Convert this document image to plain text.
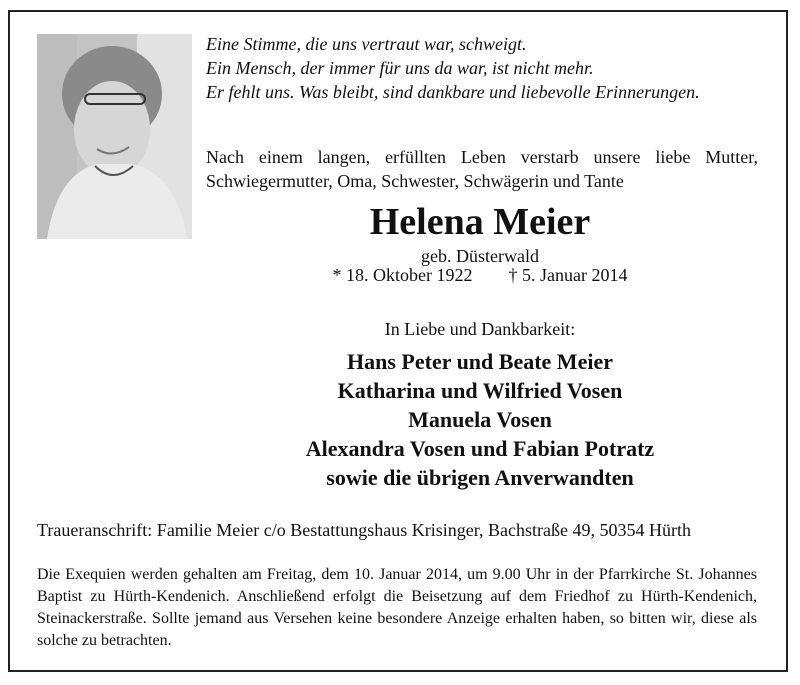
Eine Stimme, die uns vertraut war, schweigt.
Ein Mensch, der immer für uns da war, ist nicht mehr.
Er fehlt uns. Was bleibt, sind dankbare und liebevolle Erinnerungen.
Nach einem langen, erfüllten Leben verstarb unsere liebe Mutter,
Schwiegermutter, Oma, Schwester, Schwägerin und Tante
Helena Meier
geb. Düsterwald
* 18. Oktober 1922 † 5. Januar 2014
In Liebe und Dankbarkeit:
Hans Peter und Beate Meier
Katharina und Wilfried Vosen
Manuela Vosen
Alexandra Vosen und Fabian Potratz
sowie die übrigen Anverwandten
Traueranschrift: Familie Meier c/o Bestattungshaus Krisinger, Bachstraße 49, 50354 Hürth
Die Exequien werden gehalten am Freitag, dem 10. Januar 2014, um 9.00 Uhr in der Pfarrkirche St. Johannes Baptist zu Hürth-Kendenich. Anschließend erfolgt die Beisetzung auf dem Friedhof zu Hürth-Kendenich, Steinackerstraße. Sollte jemand aus Versehen keine besondere Anzeige erhalten haben, so bitten wir, diese als solche zu betrachten.
